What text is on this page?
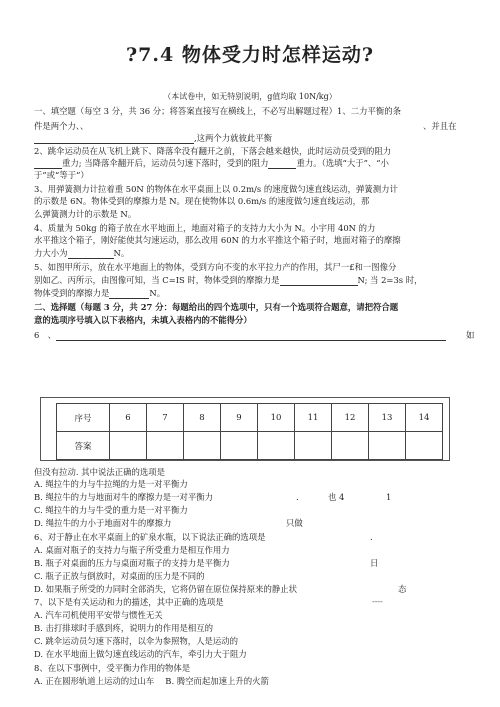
?7.4 物体受力时怎样运动?
（本试卷中，如无特别说明，g值均取 10N/kg）
一、填空题（每空 3 分，共 36 分；将答案直接写在横线上，不必写出解题过程）1、二力平衡的条
件是两个力、、	、并且在
,这两个力就彼此平衡
2、跳伞运动员在从飞机上跳下、降落伞没有翻开之前，下落会越来越快，此时运动员受到的阻力
重力; 当降落伞翻开后，运动员匀速下落时，受到的阻力	重力。（选填“大于”、“小
于”或“等于”）
3、用弹簧测力计拉着重 50N 的物体在水平桌面上以 0.2m/s 的速度做匀速直线运动，弹簧测力计
的示数是 6N。物体受到的摩擦力是 N。现在使物体以 0.6m/s 的速度做匀速直线运动，那
么弹簧测力计的示数是 N。
4、质量为 50kg 的箱子放在水平地面上，地面对箱子的支持力大小为 N。小宇用 40N 的力
水平推这个箱子，刚好能使其匀速运动，那么改用 60N 的力水平推这个箱子时，地面对箱子的摩擦
力大小为	N。
5、如图甲所示，放在水平地面上的物体，受到方向不变的水平拉力产的作用，其尸一£和一图像分
别如乙、丙所示，由图像可知，当 C=IS 时，物体受到的摩擦力是	N; 当 2=3s 时，
物体受到的摩擦力是	N。
二、选择题（每题 3 分，共 27 分：每题给出的四个选项中，只有一个选项符合题意，请把符合题
意的选项序号填入以下表格内，未填入表格内的不能得分）
6　、	如
序号	6	7	8	9	10	11	12	13	14
答案									
但没有拉动. 其中说法正确的选项是
A. 绳拉牛的力与牛拉绳的力是一对平衡力
B. 绳拉牛的力与地面对牛的摩擦力是一对平衡力	.	也 4	1
C. 绳拉牛的力与牛受的重力是一对平衡力
D. 绳拉牛的力小于地面对牛的摩擦力	只做
6、对于静止在水平桌面上的矿泉水瓶，以下说法正确的选项是	.
A. 桌面对瓶子的支持力与瓶子所受重力是相互作用力
B. 瓶子对桌面的压力与桌面对瓶子的支持力是平衡力	日
C. 瓶子正放与倒放时，对桌面的压力是不同的
D. 如果瓶子所受的力同时全部消失，它将仍留在原位保持原来的静止状	态
7、以下是有关运动和力的描述，其中正确的选项是	----
A. 汽车司机使用平安带与惯性无关
B. 击打排球时手感到疼，说明力的作用是相互的
C. 跳伞运动员匀速下落时，以伞为参照物，人是运动的
D. 在水平地面上做匀速直线运动的汽车，牵引力大于阻力
8、在以下事例中，受平衡力作用的物体是
A. 正在圆形轨道上运动的过山车　 B. 腾空而起加速上升的火箭
